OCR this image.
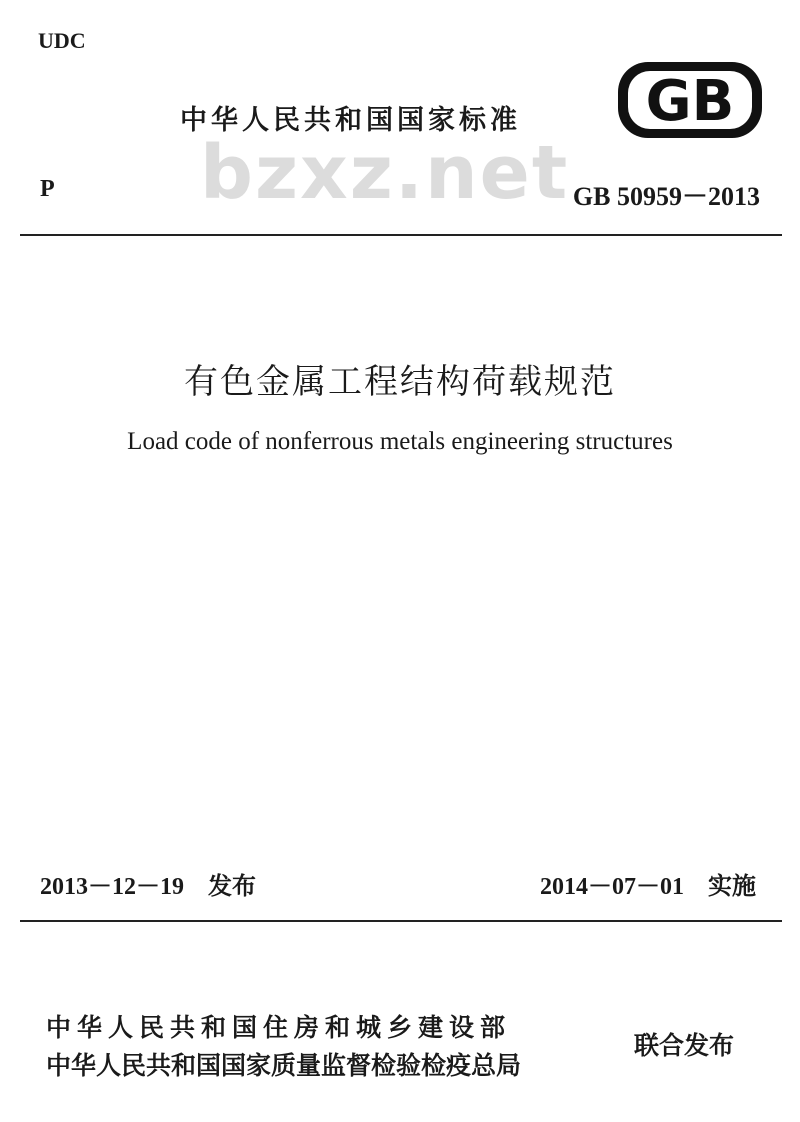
UDC
中华人民共和国国家标准
bzxz.net
GB
P	GB 50959－2013
有色金属工程结构荷载规范
Load code of nonferrous metals engineering structures
2013－12－19　发布	2014－07－01　实施
中华人民共和国住房和城乡建设部
中华人民共和国国家质量监督检验检疫总局
联合发布
